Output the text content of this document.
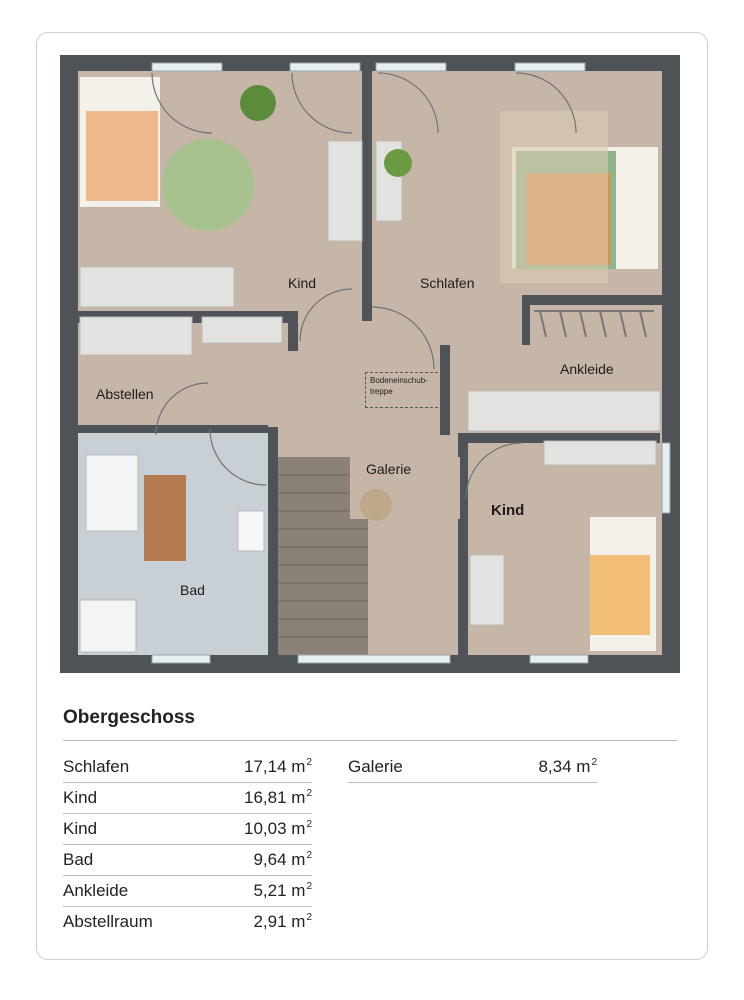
Kind	Schlafen
Ankleide
Abstellen
Galerie
Kind
Bad
Bodeneinschub-treppe
Obergeschoss
Schlafen	17,14 $m^2$
Kind	16,81 $m^2$
Kind	10,03 $m^2$
Bad	9,64 $m^2$
Ankleide	5,21 $m^2$
Abstellraum	2,91 $m^2$
Galerie	8,34 $m^2$
